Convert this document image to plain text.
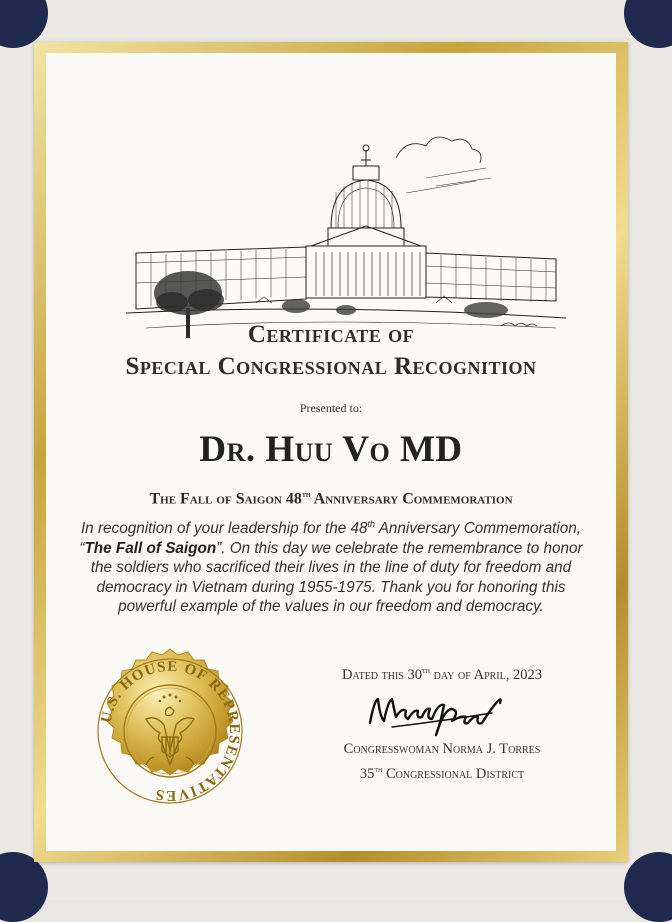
Certificate of
Special Congressional Recognition
Presented to:
Dr. Huu Vo MD
The Fall of Saigon 48th Anniversary Commemoration
In recognition of your leadership for the 48th Anniversary Commemoration, “The Fall of Saigon”. On this day we celebrate the remembrance to honor the soldiers who sacrificed their lives in the line of duty for freedom and democracy in Vietnam during 1955-1975. Thank you for honoring this powerful example of the values in our freedom and democracy.
Dated this 30th day of April, 2023
Congresswoman Norma J. Torres
35th Congressional District
U.S. HOUSE OF REPRESENTATIVES
